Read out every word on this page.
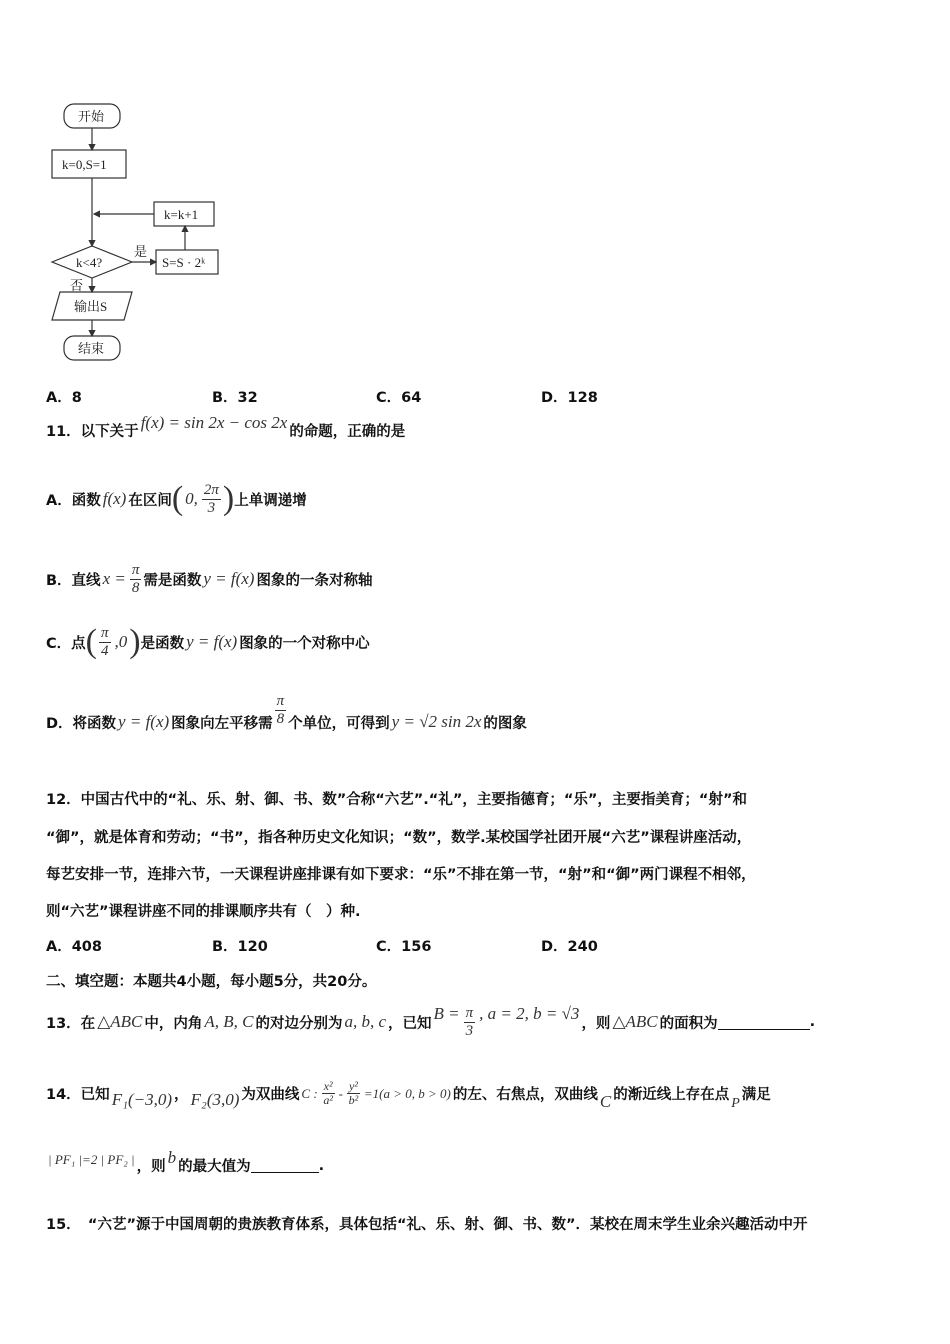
开始
k=0,S=1
k=k+1
k<4?
是
S=S · 2ᵏ
否
输出S
结束
A．8	B．32	C．64	D．128
11．以下关于
f(x) = sin 2x − cos 2x
的命题，正确的是
A．函数 f(x) 在区间 ( 0, $\frac{2\pi}{3}$ ) 上单调递增
B．直线 $x = \frac{\pi}{8}$ 需是函数 y = f(x) 图象的一条对称轴
C．点 ( $\frac{\pi}{4} ,0$ ) 是函数 y = f(x) 图象的一个对称中心
D．将函数 y = f(x) 图象向左平移需 $\frac{\pi}{8}$ 个单位，可得到 y = √2 sin 2x 的图象
12．中国古代中的“礼、乐、射、御、书、数”合称“六艺”.“礼”，主要指德育；“乐”，主要指美育；“射”和
“御”，就是体育和劳动；“书”，指各种历史文化知识；“数”，数学.某校国学社团开展“六艺”课程讲座活动，
每艺安排一节，连排六节，一天课程讲座排课有如下要求：“乐”不排在第一节，“射”和“御”两门课程不相邻，
则“六艺”课程讲座不同的排课顺序共有（　）种.
A．408	B．120	C．156	D．240
二、填空题：本题共4小题，每小题5分，共20分。
13．在 △ABC 中，内角 A, B, C 的对边分别为 a, b, c ，已知
$B = \frac{\pi}{3}$ , a = 2, b = √3
，则 △ABC 的面积为	.
14．已知 F₁(−3,0) ， F₂(3,0) 为双曲线 C : $\frac{\text{x²}}{\text{a²}} - \frac{\text{y²}}{\text{b²}} =1(a > 0$, b > 0) 的左、右焦点，双曲线 C 的渐近线上存在点 P 满足
| PF₁ |=2 | PF₂ | ，则
b
的最大值为	.
15．　“六艺”源于中国周朝的贵族教育体系，具体包括“礼、乐、射、御、书、数”．某校在周末学生业余兴趣活动中开
